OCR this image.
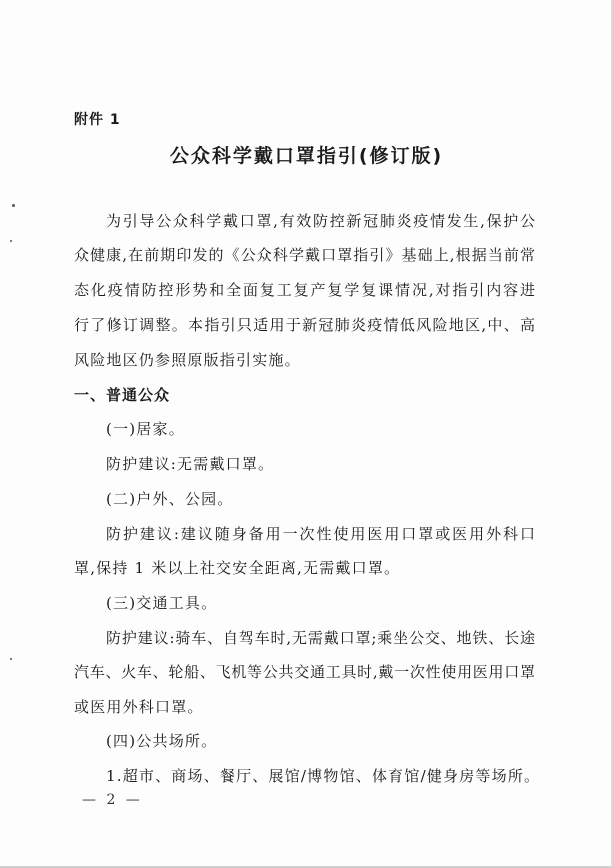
附件 1
公众科学戴口罩指引(修订版)
为引导公众科学戴口罩,有效防控新冠肺炎疫情发生,保护公
众健康,在前期印发的《公众科学戴口罩指引》基础上,根据当前常
态化疫情防控形势和全面复工复产复学复课情况,对指引内容进
行了修订调整。本指引只适用于新冠肺炎疫情低风险地区,中、高
风险地区仍参照原版指引实施。
一、普通公众
(一)居家。
防护建议:无需戴口罩。
(二)户外、公园。
防护建议:建议随身备用一次性使用医用口罩或医用外科口
罩,保持 1 米以上社交安全距离,无需戴口罩。
(三)交通工具。
防护建议:骑车、自驾车时,无需戴口罩;乘坐公交、地铁、长途
汽车、火车、轮船、飞机等公共交通工具时,戴一次性使用医用口罩
或医用外科口罩。
(四)公共场所。
1.超市、商场、餐厅、展馆/博物馆、体育馆/健身房等场所。
— 2 —
